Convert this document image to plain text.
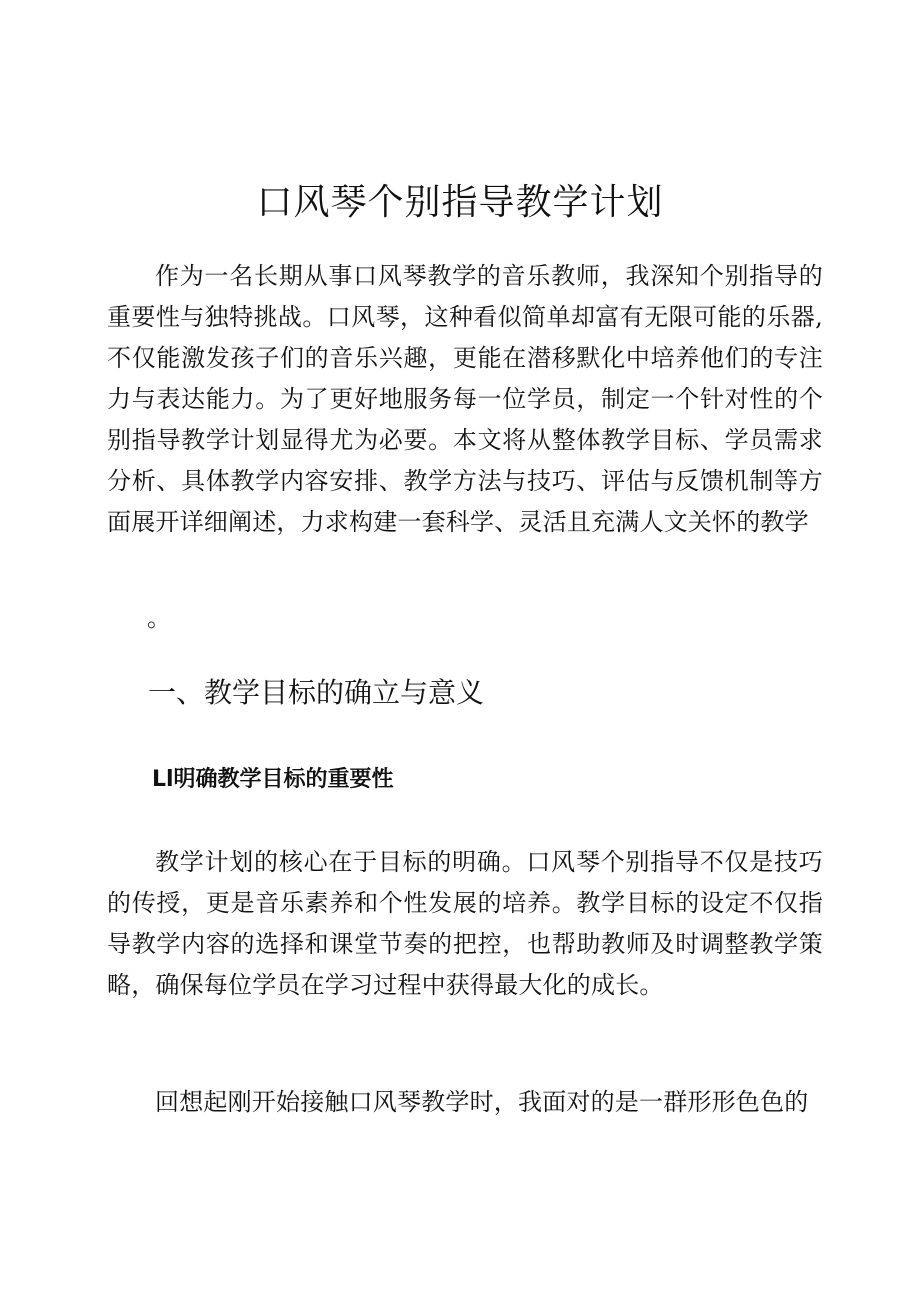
口风琴个别指导教学计划

作为一名长期从事口风琴教学的音乐教师，我深知个别指导的重要性与独特挑战。口风琴，这种看似简单却富有无限可能的乐器,不仅能激发孩子们的音乐兴趣，更能在潜移默化中培养他们的专注力与表达能力。为了更好地服务每一位学员，制定一个针对性的个别指导教学计划显得尤为必要。本文将从整体教学目标、学员需求分析、具体教学内容安排、教学方法与技巧、评估与反馈机制等方面展开详细阐述，力求构建一套科学、灵活且充满人文关怀的教学

。

一、教学目标的确立与意义
Ll明确教学目标的重要性

教学计划的核心在于目标的明确。口风琴个别指导不仅是技巧的传授，更是音乐素养和个性发展的培养。教学目标的设定不仅指导教学内容的选择和课堂节奏的把控，也帮助教师及时调整教学策略，确保每位学员在学习过程中获得最大化的成长。

回想起刚开始接触口风琴教学时，我面对的是一群形形色色的
